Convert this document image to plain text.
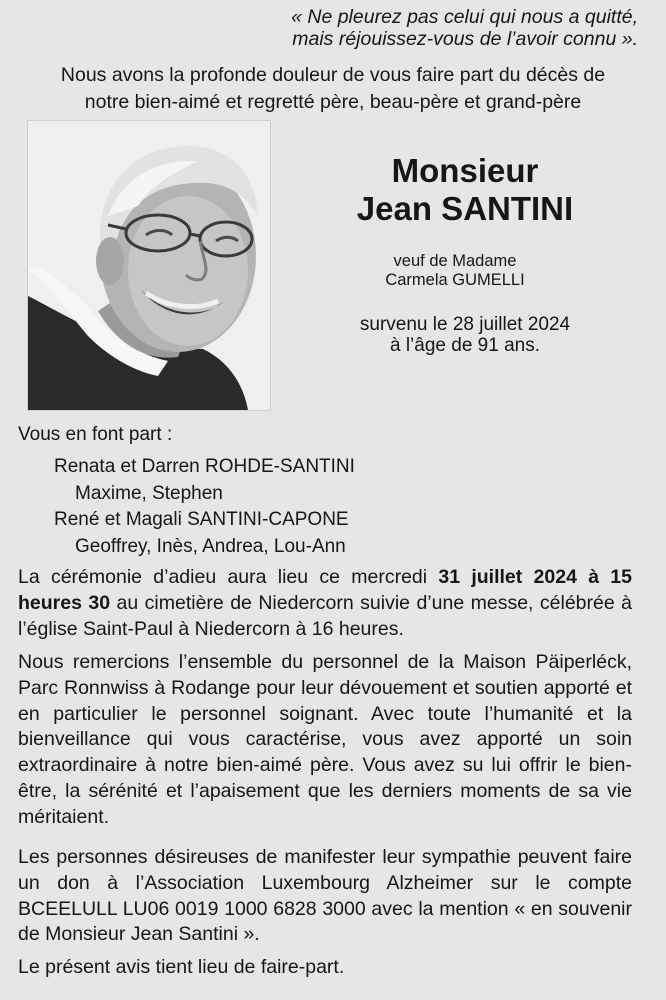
« Ne pleurez pas celui qui nous a quitté,
mais réjouissez-vous de l’avoir connu ».
Nous avons la profonde douleur de vous faire part du décès de
notre bien-aimé et regretté père, beau-père et grand-père
Monsieur
Jean SANTINI
veuf de Madame
Carmela GUMELLI
survenu le 28 juillet 2024
à l’âge de 91 ans.
Vous en font part :
Renata et Darren ROHDE-SANTINI
Maxime, Stephen
René et Magali SANTINI-CAPONE
Geoffrey, Inès, Andrea, Lou-Ann
La cérémonie d’adieu aura lieu ce mercredi 31 juillet 2024 à 15 heures 30 au cimetière de Niedercorn suivie d’une messe, célébrée à l’église Saint-Paul à Niedercorn à 16 heures.
Nous remercions l’ensemble du personnel de la Maison Päiperléck, Parc Ronnwiss à Rodange pour leur dévouement et soutien apporté et en particulier le personnel soignant. Avec toute l’humanité et la bienveillance qui vous caractérise, vous avez apporté un soin extraordinaire à notre bien-aimé père. Vous avez su lui offrir le bien-être, la sérénité et l’apaisement que les derniers moments de sa vie méritaient.
Les personnes désireuses de manifester leur sympathie peuvent faire un don à l’Association Luxembourg Alzheimer sur le compte BCEELULL LU06 0019 1000 6828 3000 avec la mention « en souvenir de Monsieur Jean Santini ».
Le présent avis tient lieu de faire-part.
